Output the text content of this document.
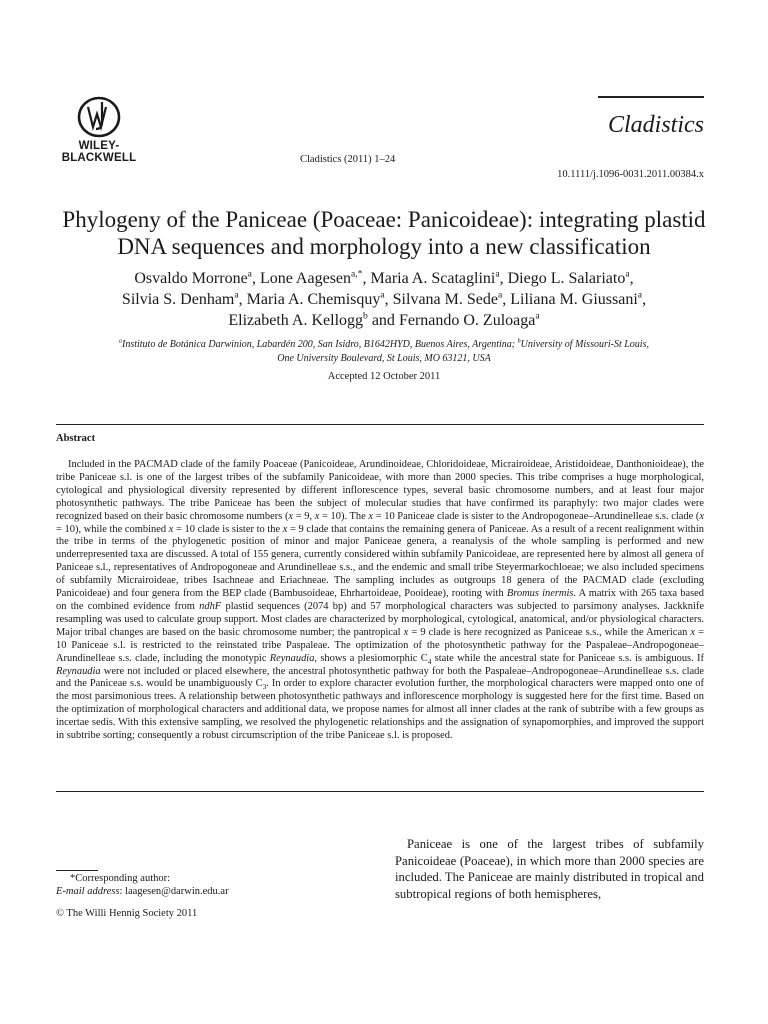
WILEY-
BLACKWELL
Cladistics
Cladistics (2011) 1–24
10.1111/j.1096-0031.2011.00384.x
Phylogeny of the Paniceae (Poaceae: Panicoideae): integrating plastid
DNA sequences and morphology into a new classification
Osvaldo Morrone$^a$, Lone Aagesen$^{a,*}$, Maria A. Scataglini$^a$, Diego L. Salariato$^a$,
Silvia S. Denham$^a$, Maria A. Chemisquy$^a$, Silvana M. Sede$^a$, Liliana M. Giussani$^a$,
Elizabeth A. Kellogg$^b$ and Fernando O. Zuloaga$^a$
$^a$Instituto de Botánica Darwinion, Labardén 200, San Isidro, B1642HYD, Buenos Aires, Argentina; $^b$University of Missouri-St Louis,
One University Boulevard, St Louis, MO 63121, USA
Accepted 12 October 2011
Abstract
Included in the PACMAD clade of the family Poaceae (Panicoideae, Arundinoideae, Chloridoideae, Micrairoideae, Aristidoideae, Danthonioideae), the tribe Paniceae s.l. is one of the largest tribes of the subfamily Panicoideae, with more than 2000 species. This tribe comprises a huge morphological, cytological and physiological diversity represented by different inflorescence types, several basic chromosome numbers, and at least four major photosynthetic pathways. The tribe Paniceae has been the subject of molecular studies that have confirmed its paraphyly: two major clades were recognized based on their basic chromosome numbers (x = 9, x = 10). The x = 10 Paniceae clade is sister to the Andropogoneae–Arundinelleae s.s. clade (x = 10), while the combined x = 10 clade is sister to the x = 9 clade that contains the remaining genera of Paniceae. As a result of a recent realignment within the tribe in terms of the phylogenetic position of minor and major Paniceae genera, a reanalysis of the whole sampling is performed and new underrepresented taxa are discussed. A total of 155 genera, currently considered within subfamily Panicoideae, are represented here by almost all genera of Paniceae s.l., representatives of Andropogoneae and Arundinelleae s.s., and the endemic and small tribe Steyermarkochloeae; we also included specimens of subfamily Micrairoideae, tribes Isachneae and Eriachneae. The sampling includes as outgroups 18 genera of the PACMAD clade (excluding Panicoideae) and four genera from the BEP clade (Bambusoideae, Ehrhartoideae, Pooideae), rooting with Bromus inermis. A matrix with 265 taxa based on the combined evidence from ndhF plastid sequences (2074 bp) and 57 morphological characters was subjected to parsimony analyses. Jackknife resampling was used to calculate group support. Most clades are characterized by morphological, cytological, anatomical, and/or physiological characters. Major tribal changes are based on the basic chromosome number; the pantropical x = 9 clade is here recognized as Paniceae s.s., while the American x = 10 Paniceae s.l. is restricted to the reinstated tribe Paspaleae. The optimization of the photosynthetic pathway for the Paspaleae–Andropogoneae–Arundinelleae s.s. clade, including the monotypic Reynaudia, shows a plesiomorphic $C_4$ state while the ancestral state for Paniceae s.s. is ambiguous. If Reynaudia were not included or placed elsewhere, the ancestral photosynthetic pathway for both the Paspaleae–Andropogoneae–Arundinelleae s.s. clade and the Paniceae s.s. would be unambiguously $C_3$. In order to explore character evolution further, the morphological characters were mapped onto one of the most parsimonious trees. A relationship between photosynthetic pathways and inflorescence morphology is suggested here for the first time. Based on the optimization of morphological characters and additional data, we propose names for almost all inner clades at the rank of subtribe with a few groups as incertae sedis. With this extensive sampling, we resolved the phylogenetic relationships and the assignation of synapomorphies, and improved the support in subtribe sorting; consequently a robust circumscription of the tribe Paniceae s.l. is proposed.
Paniceae is one of the largest tribes of subfamily Panicoideae (Poaceae), in which more than 2000 species are included. The Paniceae are mainly distributed in tropical and subtropical regions of both hemispheres,
*Corresponding author:
E-mail address: laagesen@darwin.edu.ar
© The Willi Hennig Society 2011
